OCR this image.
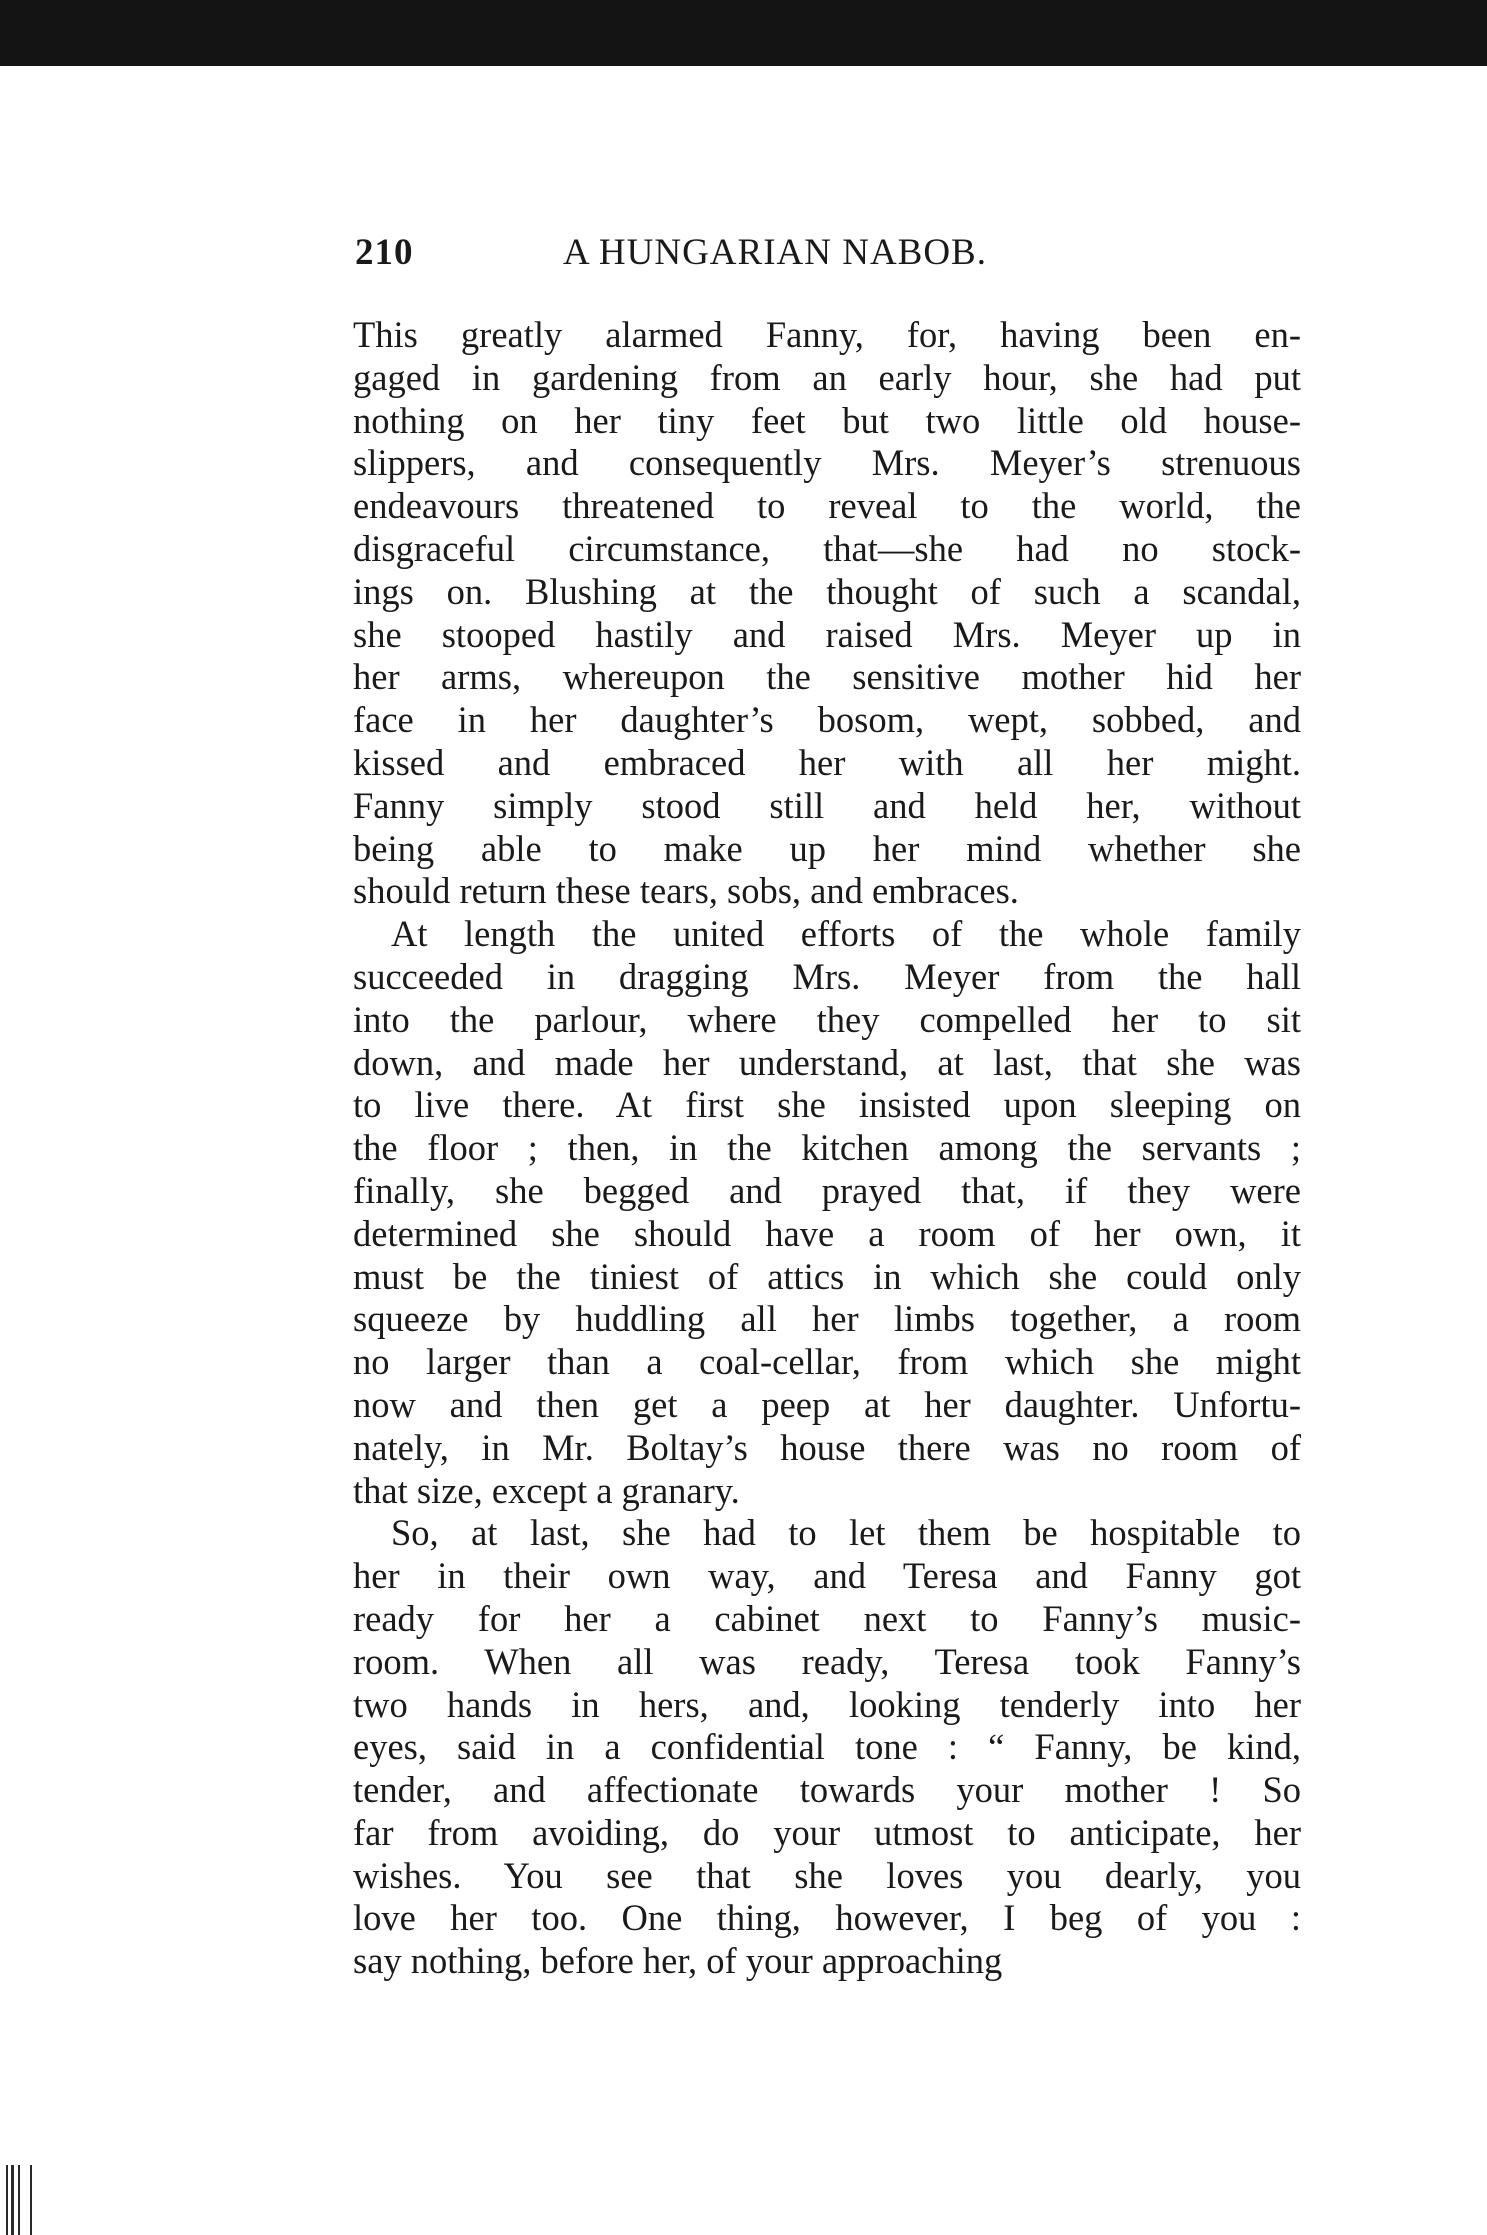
210	A HUNGARIAN NABOB.
This greatly alarmed Fanny, for, having been en-
gaged in gardening from an early hour, she had put
nothing on her tiny feet but two little old house-
slippers, and consequently Mrs. Meyer’s strenuous
endeavours threatened to reveal to the world, the
disgraceful circumstance, that—she had no stock-
ings on. Blushing at the thought of such a scandal,
she stooped hastily and raised Mrs. Meyer up in
her arms, whereupon the sensitive mother hid her
face in her daughter’s bosom, wept, sobbed, and
kissed and embraced her with all her might.
Fanny simply stood still and held her, without
being able to make up her mind whether she
should return these tears, sobs, and embraces.
At length the united efforts of the whole family
succeeded in dragging Mrs. Meyer from the hall
into the parlour, where they compelled her to sit
down, and made her understand, at last, that she was
to live there. At first she insisted upon sleeping on
the floor ; then, in the kitchen among the servants ;
finally, she begged and prayed that, if they were
determined she should have a room of her own, it
must be the tiniest of attics in which she could only
squeeze by huddling all her limbs together, a room
no larger than a coal-cellar, from which she might
now and then get a peep at her daughter. Unfortu-
nately, in Mr. Boltay’s house there was no room of
that size, except a granary.
So, at last, she had to let them be hospitable to
her in their own way, and Teresa and Fanny got
ready for her a cabinet next to Fanny’s music-
room. When all was ready, Teresa took Fanny’s
two hands in hers, and, looking tenderly into her
eyes, said in a confidential tone : “ Fanny, be kind,
tender, and affectionate towards your mother ! So
far from avoiding, do your utmost to anticipate, her
wishes. You see that she loves you dearly, you
love her too. One thing, however, I beg of you :
say nothing, before her, of your approaching
